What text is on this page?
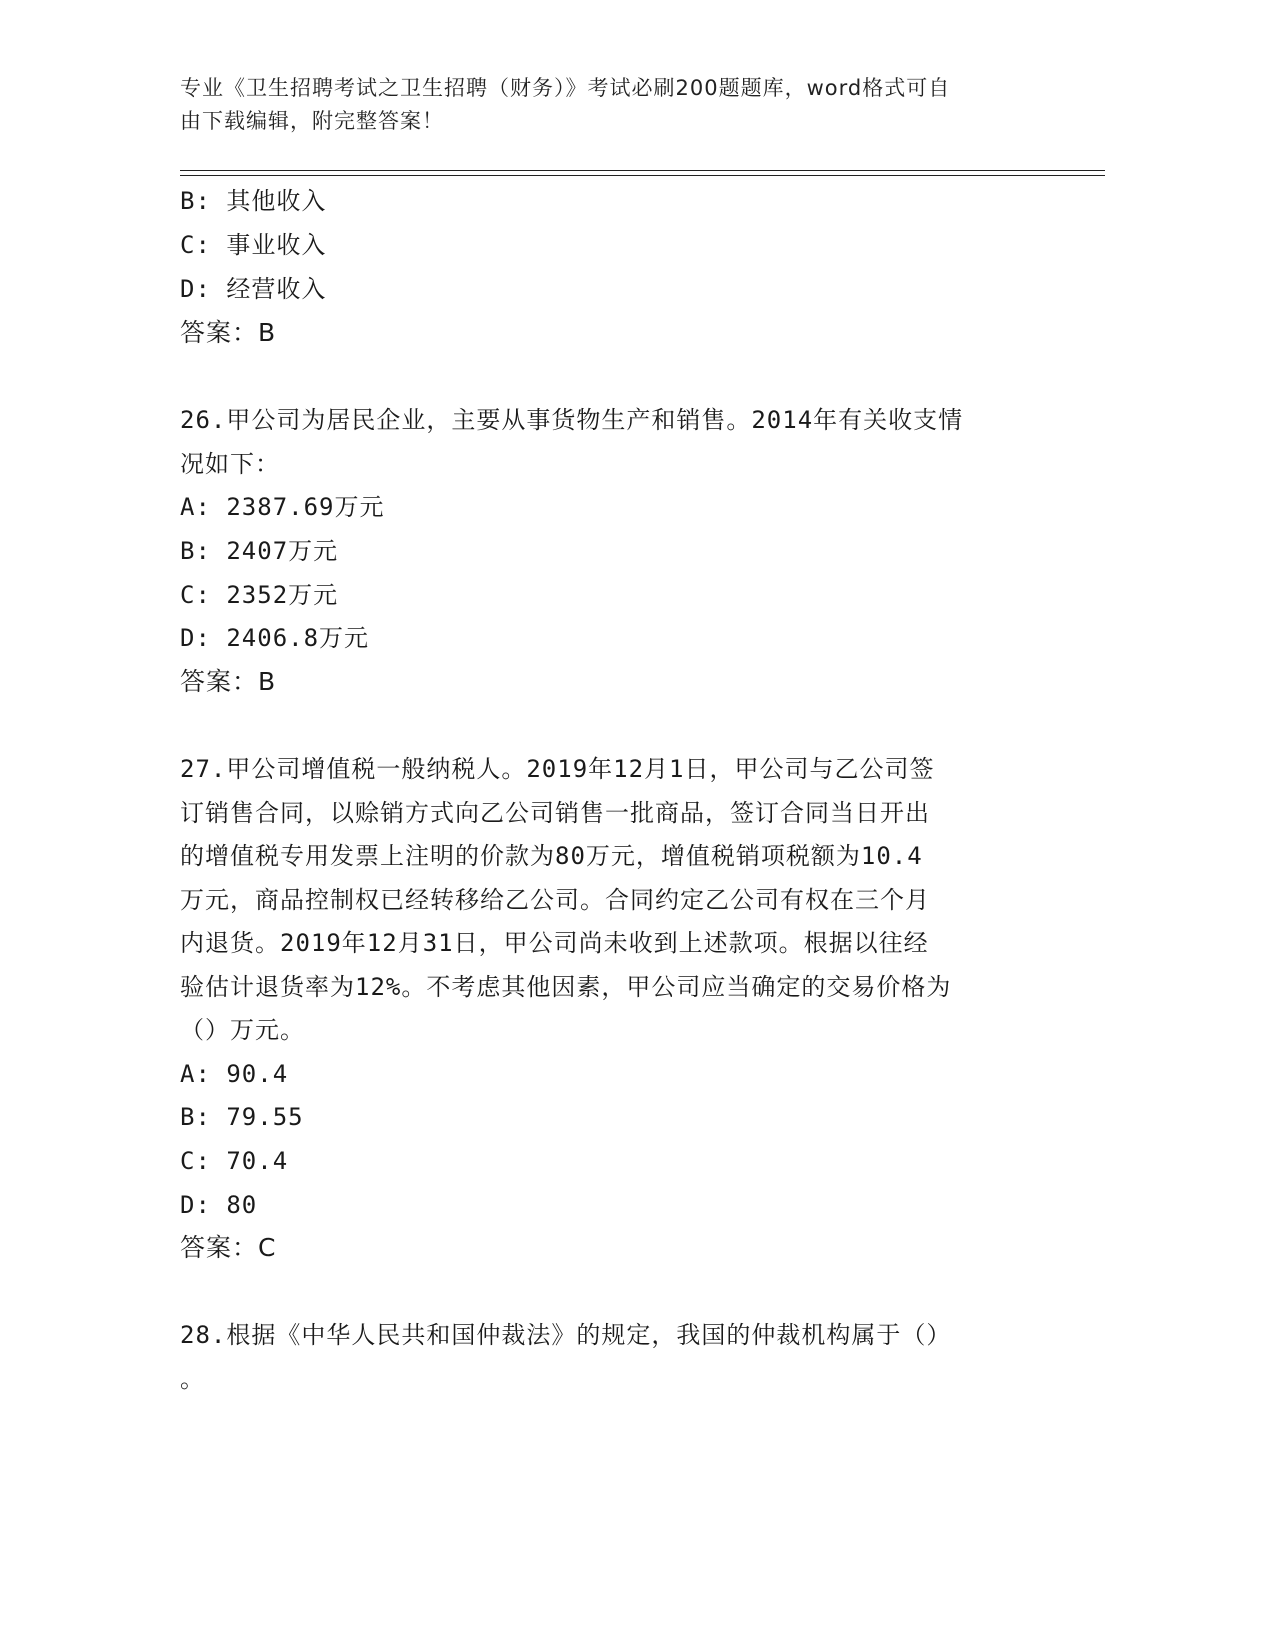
专业《卫生招聘考试之卫生招聘（财务）》考试必刷200题题库，word格式可自
由下载编辑，附完整答案！
B: 其他收入
C: 事业收入
D: 经营收入
答案：B
26.甲公司为居民企业，主要从事货物生产和销售。2014年有关收支情
况如下：
A: 2387.69万元
B: 2407万元
C: 2352万元
D: 2406.8万元
答案：B
27.甲公司增值税一般纳税人。2019年12月1日，甲公司与乙公司签
订销售合同，以赊销方式向乙公司销售一批商品，签订合同当日开出
的增值税专用发票上注明的价款为80万元，增值税销项税额为10.4
万元，商品控制权已经转移给乙公司。合同约定乙公司有权在三个月
内退货。2019年12月31日，甲公司尚未收到上述款项。根据以往经
验估计退货率为12%。不考虑其他因素，甲公司应当确定的交易价格为
（）万元。
A: 90.4
B: 79.55
C: 70.4
D: 80
答案：C
28.根据《中华人民共和国仲裁法》的规定，我国的仲裁机构属于（）
。
